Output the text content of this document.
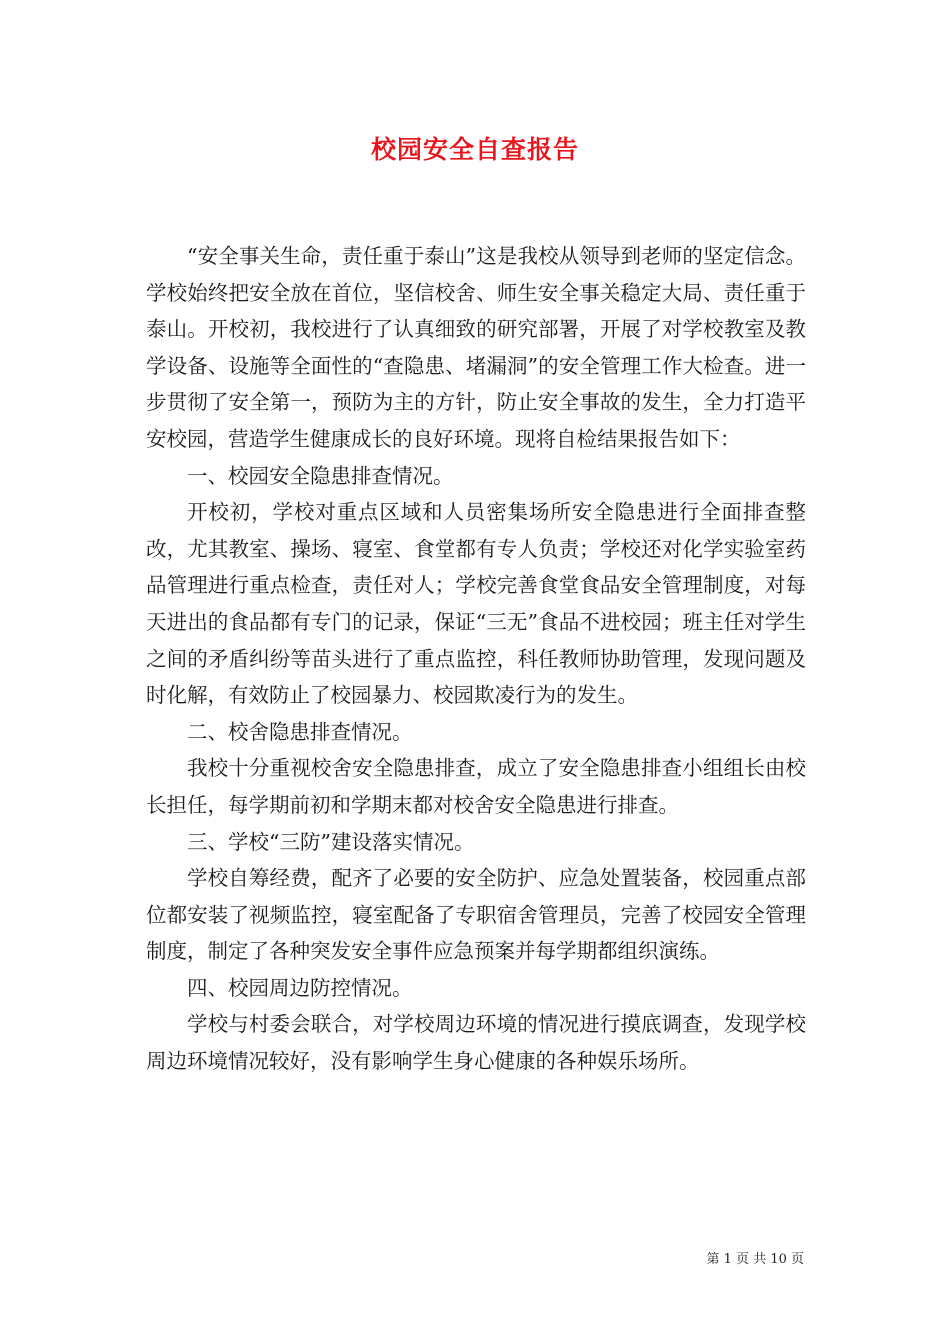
校园安全自查报告

“安全事关生命，责任重于泰山”这是我校从领导到老师的坚定信念。学校始终把安全放在首位，坚信校舍、师生安全事关稳定大局、责任重于泰山。开校初，我校进行了认真细致的研究部署，开展了对学校教室及教学设备、设施等全面性的“查隐患、堵漏洞”的安全管理工作大检查。进一步贯彻了安全第一，预防为主的方针，防止安全事故的发生，全力打造平安校园，营造学生健康成长的良好环境。现将自检结果报告如下：

一、校园安全隐患排查情况。

开校初，学校对重点区域和人员密集场所安全隐患进行全面排查整改，尤其教室、操场、寝室、食堂都有专人负责；学校还对化学实验室药品管理进行重点检查，责任对人；学校完善食堂食品安全管理制度，对每天进出的食品都有专门的记录，保证“三无”食品不进校园；班主任对学生之间的矛盾纠纷等苗头进行了重点监控，科任教师协助管理，发现问题及时化解，有效防止了校园暴力、校园欺凌行为的发生。

二、校舍隐患排查情况。

我校十分重视校舍安全隐患排查，成立了安全隐患排查小组组长由校长担任，每学期前初和学期末都对校舍安全隐患进行排查。

三、学校“三防”建设落实情况。

学校自筹经费，配齐了必要的安全防护、应急处置装备，校园重点部位都安装了视频监控，寝室配备了专职宿舍管理员，完善了校园安全管理制度，制定了各种突发安全事件应急预案并每学期都组织演练。

四、校园周边防控情况。

学校与村委会联合，对学校周边环境的情况进行摸底调查，发现学校周边环境情况较好，没有影响学生身心健康的各种娱乐场所。

第 1 页 共 10 页
